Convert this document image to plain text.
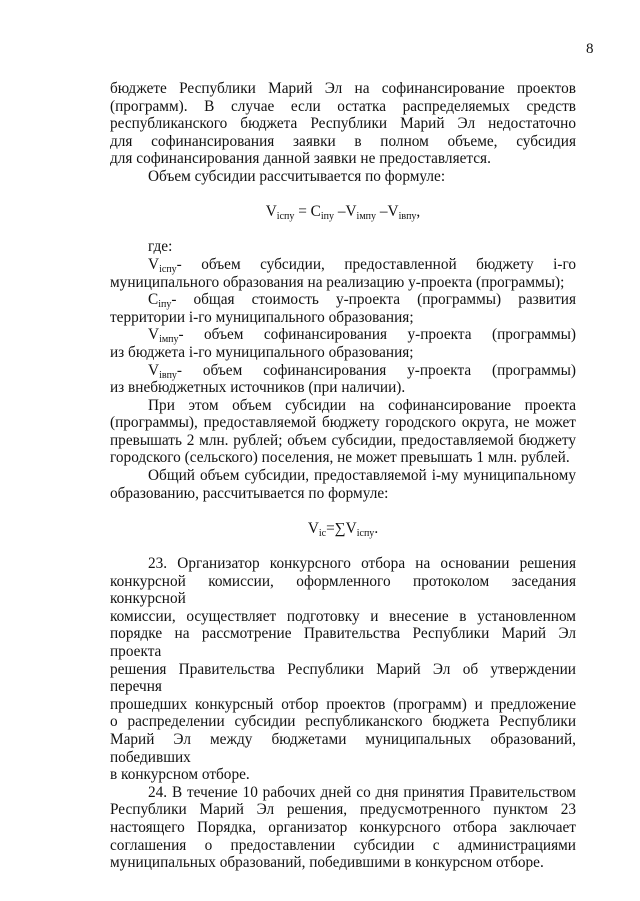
8

бюджете Республики Марий Эл на софинансирование проектов

(программ). В случае если остатка распределяемых средств

республиканского бюджета Республики Марий Эл недостаточно

для софинансирования заявки в полном объеме, субсидия

для софинансирования данной заявки не предоставляется.

Объем субсидии рассчитывается по формуле:

$V_{iспу} = C_{iпу}$ $-V_{iмпу}$ $-V_{iвпу}$,

где:

$V_{iспу}-$ объем субсидии, предоставленной бюджету i-го

муниципального образования на реализацию у-проекта (программы);

$C_{iпу}-$ общая стоимость у-проекта (программы) развития

территории i-го муниципального образования;

$V_{iмпу}-$ объем софинансирования у-проекта (программы)

из бюджета i-го муниципального образования;

$V_{iвпу}-$ объем софинансирования у-проекта (программы)

из внебюджетных источников (при наличии).

При этом объем субсидии на софинансирование проекта

(программы), предоставляемой бюджету городского округа, не может

превышать 2 млн. рублей; объем субсидии, предоставляемой бюджету

городского (сельского) поселения, не может превышать 1 млн. рублей.

Общий объем субсидии, предоставляемой i-му муниципальному

образованию, рассчитывается по формуле:

$V_{ic}=\sum V_{iспу}$.

23. Организатор конкурсного отбора на основании решения

конкурсной комиссии, оформленного протоколом заседания конкурсной

комиссии, осуществляет подготовку и внесение в установленном

порядке на рассмотрение Правительства Республики Марий Эл проекта

решения Правительства Республики Марий Эл об утверждении перечня

прошедших конкурсный отбор проектов (программ) и предложение

о распределении субсидии республиканского бюджета Республики

Марий Эл между бюджетами муниципальных образований, победивших

в конкурсном отборе.

24. В течение 10 рабочих дней со дня принятия Правительством

Республики Марий Эл решения, предусмотренного пунктом 23

настоящего Порядка, организатор конкурсного отбора заключает

соглашения о предоставлении субсидии с администрациями

муниципальных образований, победившими в конкурсном отборе.
